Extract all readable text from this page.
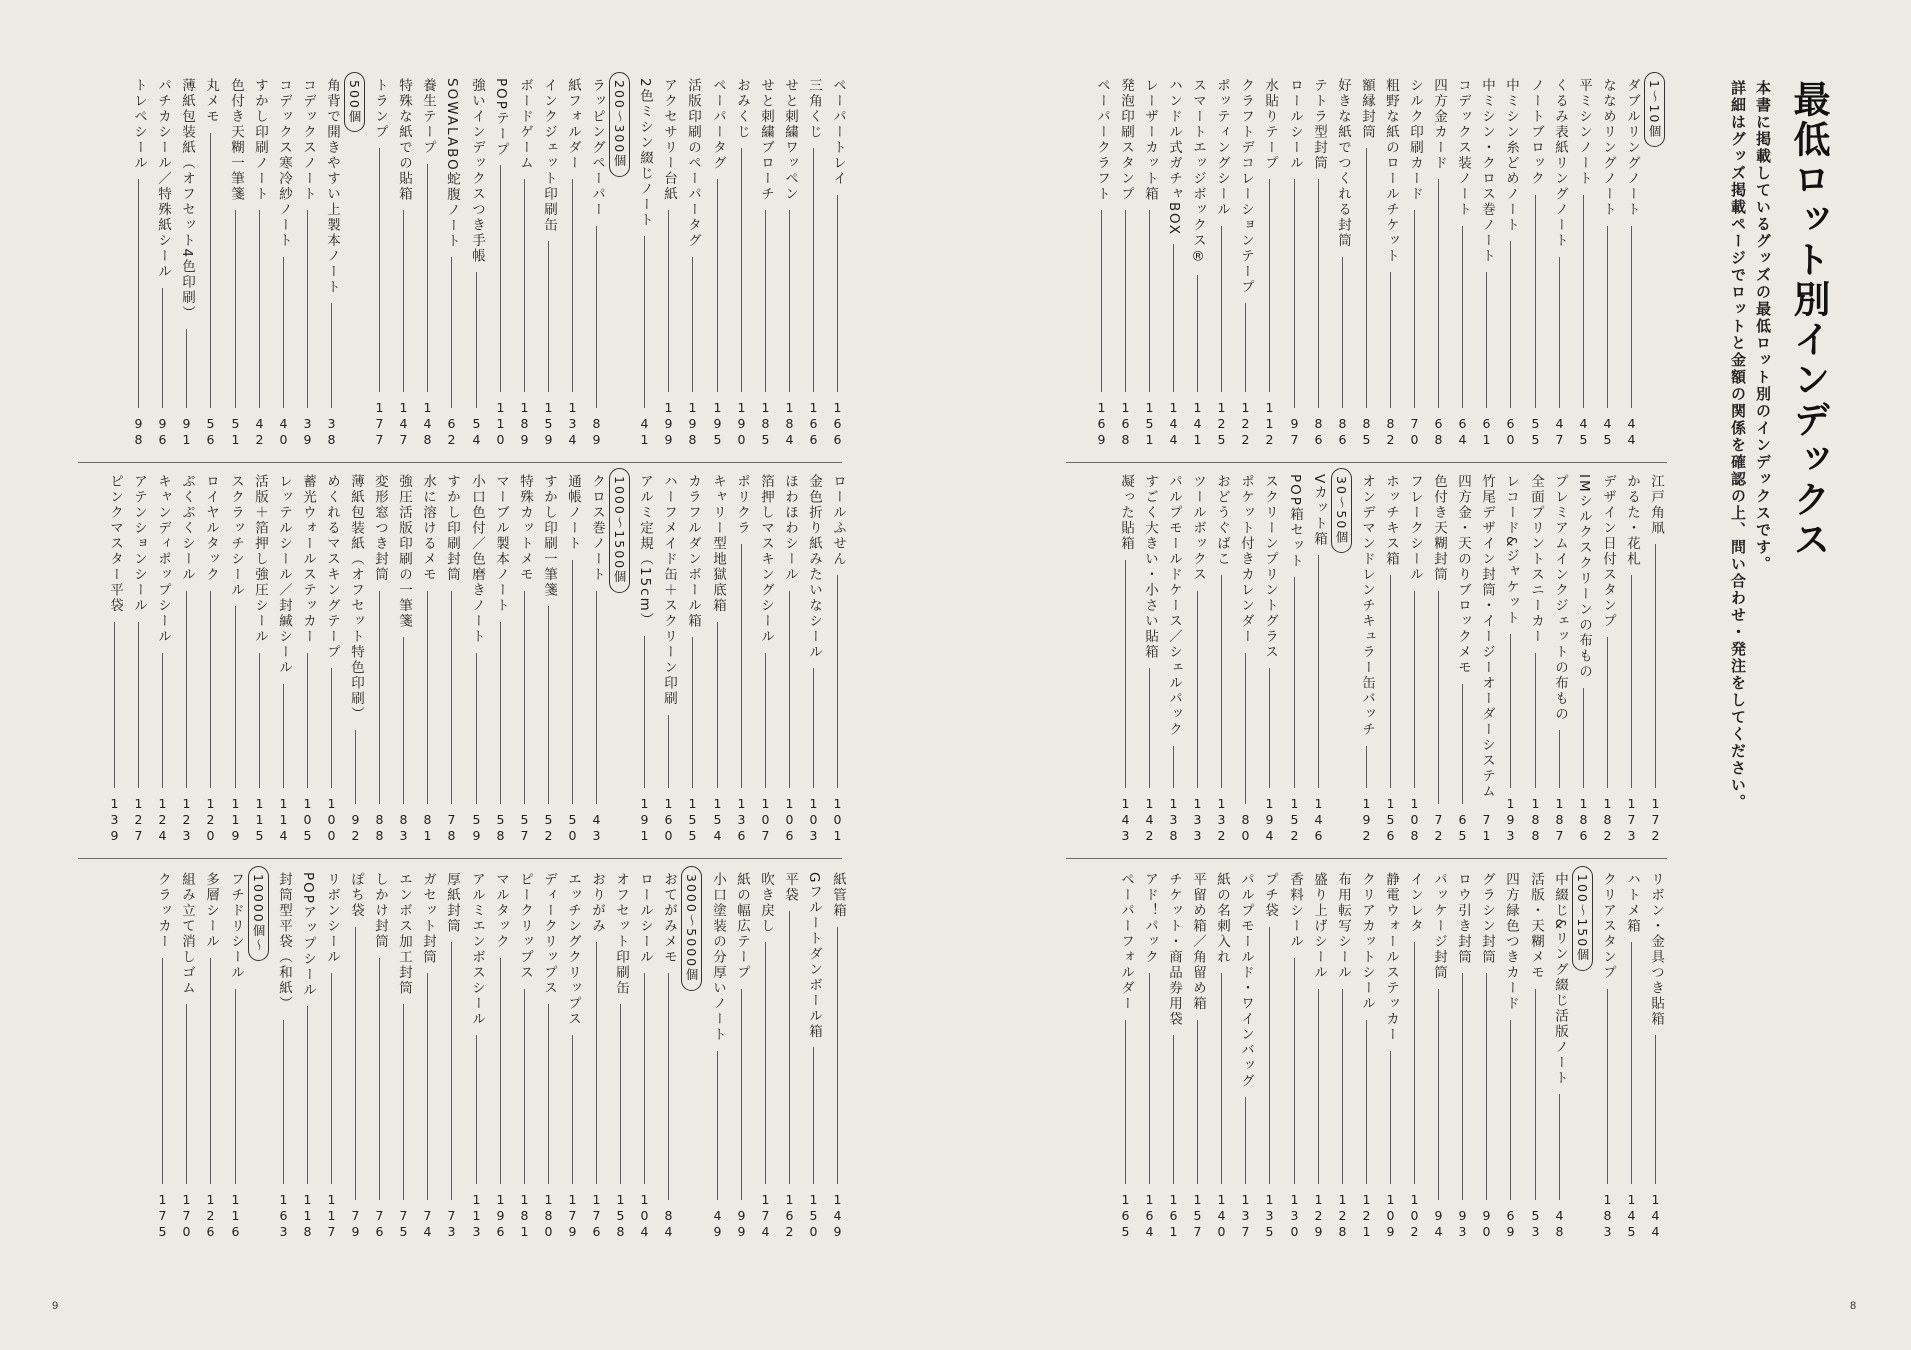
最低ロット別インデックス
本書に掲載しているグッズの最低ロット別のインデックスです。
詳細はグッズ掲載ページでロットと金額の関係を確認の上、問い合わせ・発注をしてください。
9	8
1～10個
ダブルリングノート
44
ななめリングノート
45
平ミシンノート
45
くるみ表紙リングノート
47
ノートブロック
55
中ミシン糸どめノート
60
中ミシン・クロス巻ノート
61
コデックス装ノート
64
四方金カード
68
シルク印刷カード
70
粗野な紙のロールチケット
82
額縁封筒
85
好きな紙でつくれる封筒
86
テトラ型封筒
86
ロールシール
97
水貼りテープ
112
クラフトデコレーションテープ
122
ポッティングシール
125
スマートエッジボックス®
141
ハンドル式ガチャBOX
144
レーザーカット箱
151
発泡印刷スタンプ
168
ペーパークラフト
169
江戸角凧
172
かるた・花札
173
デザイン日付スタンプ
182
IMシルクスクリーンの布もの
186
プレミアムインクジェットの布もの
187
全面プリントスニーカー
188
レコード&ジャケット
193
竹尾デザイン封筒・イージーオーダーシステム
71
四方金・天のりブロックメモ
65
色付き天糊封筒
72
フレークシール
108
ホッチキス箱
156
オンデマンドレンチキュラー缶バッチ
192
30～50個
Vカット箱
146
POP箱セット
152
スクリーンプリントグラス
194
ポケット付きカレンダー
80
おどうぐばこ
132
ツールボックス
133
パルプモールドケース／シェルパック
138
すごく大きい・小さい貼箱
142
凝った貼箱
143
リボン・金具つき貼箱
144
ハトメ箱
145
クリアスタンプ
183
100～150個
中綴じ&リング綴じ活版ノート
48
活版・天糊メモ
53
四方緑色つきカード
69
グラシン封筒
90
ロウ引き封筒
93
パッケージ封筒
94
インレタ
102
静電ウォールステッカー
109
クリアカットシール
121
布用転写シール
128
盛り上げシール
129
香料シール
130
プチ袋
135
パルプモールド・ワインバッグ
137
紙の名刺入れ
140
平留め箱／角留め箱
157
チケット・商品券用袋
161
アド！パック
164
ペーパーフォルダー
165
ペーパートレイ
166
三角くじ
166
せと刺繍ワッペン
184
せと刺繍ブローチ
185
おみくじ
190
ペーパータグ
195
活版印刷のペーパータグ
198
アクセサリー台紙
199
2色ミシン綴じノート
41
200～300個
ラッピングペーパー
89
紙フォルダー
134
インクジェット印刷缶
159
ボードゲーム
189
POPテープ
110
強いインデックスつき手帳
54
SOWALABO蛇腹ノート
62
養生テープ
148
特殊な紙での貼箱
147
トランプ
177
500個
角背で開きやすい上製本ノート
38
コデックスノート
39
コデックス寒冷紗ノート
40
すかし印刷ノート
42
色付き天糊一筆箋
51
丸メモ
56
薄紙包装紙（オフセット4色印刷）
91
パチカシール／特殊紙シール
96
トレペシール
98
ロールふせん
101
金色折り紙みたいなシール
103
ほわほわシール
106
箔押しマスキングシール
107
ポリクラ
136
キャリー型地獄底箱
154
カラフルダンボール箱
155
ハーフメイド缶＋スクリーン印刷
160
アルミ定規（15cm）
191
1000～1500個
クロス巻ノート
43
通帳ノート
50
すかし印刷一筆箋
52
特殊カットメモ
57
マーブル製本ノート
58
小口色付／色磨きノート
59
すかし印刷封筒
78
水に溶けるメモ
81
強圧活版印刷の一筆箋
83
変形窓つき封筒
88
薄紙包装紙（オフセット特色印刷）
92
めくれるマスキングテープ
100
蓄光ウォールステッカー
105
レッテルシール／封緘シール
114
活版＋箔押し強圧シール
115
スクラッチシール
119
ロイヤルタック
120
ぷくぷくシール
123
キャンディポップシール
124
アテンションシール
127
ピンクマスター平袋
139
紙管箱
149
Gフルートダンボール箱
150
平袋
162
吹き戻し
174
紙の幅広テープ
99
小口塗装の分厚いノート
49
3000～5000個
おてがみメモ
84
ロールシール
104
オフセット印刷缶
158
おりがみ
176
エッチングクリップス
179
ディークリップス
180
ピークリップス
181
マルタック
196
アルミエンボスシール
113
厚紙封筒
73
ガセット封筒
74
エンボス加工封筒
75
しかけ封筒
76
ぽち袋
79
リボンシール
117
POPアップシール
118
封筒型平袋（和紙）
163
10000個～
フチドリシール
116
多層シール
126
組み立て消しゴム
170
クラッカー
175
